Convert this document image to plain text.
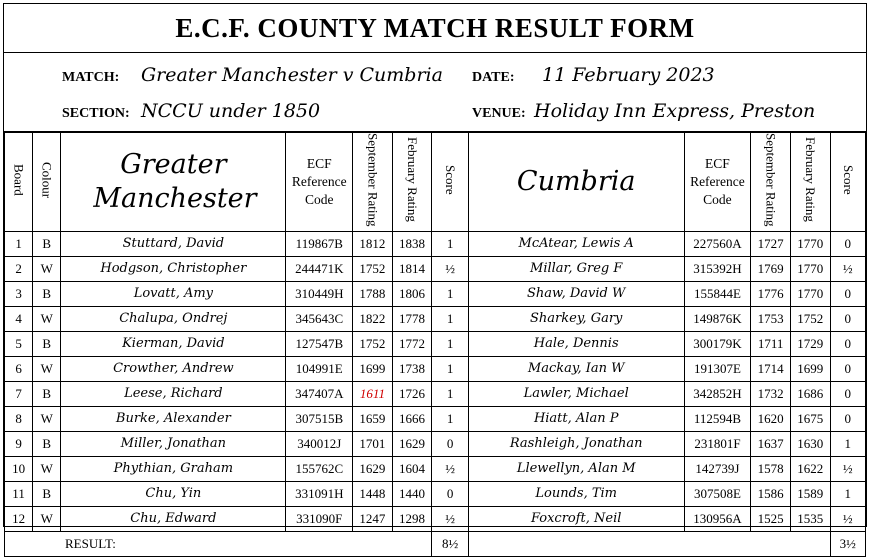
E.C.F. COUNTY MATCH RESULT FORM
MATCH: Greater Manchester v Cumbria DATE: 11 February 2023
SECTION: NCCU under 1850	VENUE: Holiday Inn Express, Preston
Board	Colour	Greater Manchester	ECF Reference Code	September Rating	February Rating	Score	Cumbria	ECF Reference Code	September Rating	February Rating	Score
1	B	Stuttard, David	119867B	1812	1838	1	McAtear, Lewis A	227560A	1727	1770	0
2	W	Hodgson, Christopher	244471K	1752	1814	½	Millar, Greg F	315392H	1769	1770	½
3	B	Lovatt, Amy	310449H	1788	1806	1	Shaw, David W	155844E	1776	1770	0
4	W	Chalupa, Ondrej	345643C	1822	1778	1	Sharkey, Gary	149876K	1753	1752	0
5	B	Kierman, David	127547B	1752	1772	1	Hale, Dennis	300179K	1711	1729	0
6	W	Crowther, Andrew	104991E	1699	1738	1	Mackay, Ian W	191307E	1714	1699	0
7	B	Leese, Richard	347407A	1611	1726	1	Lawler, Michael	342852H	1732	1686	0
8	W	Burke, Alexander	307515B	1659	1666	1	Hiatt, Alan P	112594B	1620	1675	0
9	B	Miller, Jonathan	340012J	1701	1629	0	Rashleigh, Jonathan	231801F	1637	1630	1
10	W	Phythian, Graham	155762C	1629	1604	½	Llewellyn, Alan M	142739J	1578	1622	½
11	B	Chu, Yin	331091H	1448	1440	0	Lounds, Tim	307508E	1586	1589	1
12	W	Chu, Edward	331090F	1247	1298	½	Foxcroft, Neil	130956A	1525	1535	½
RESULT:						8½					3½
